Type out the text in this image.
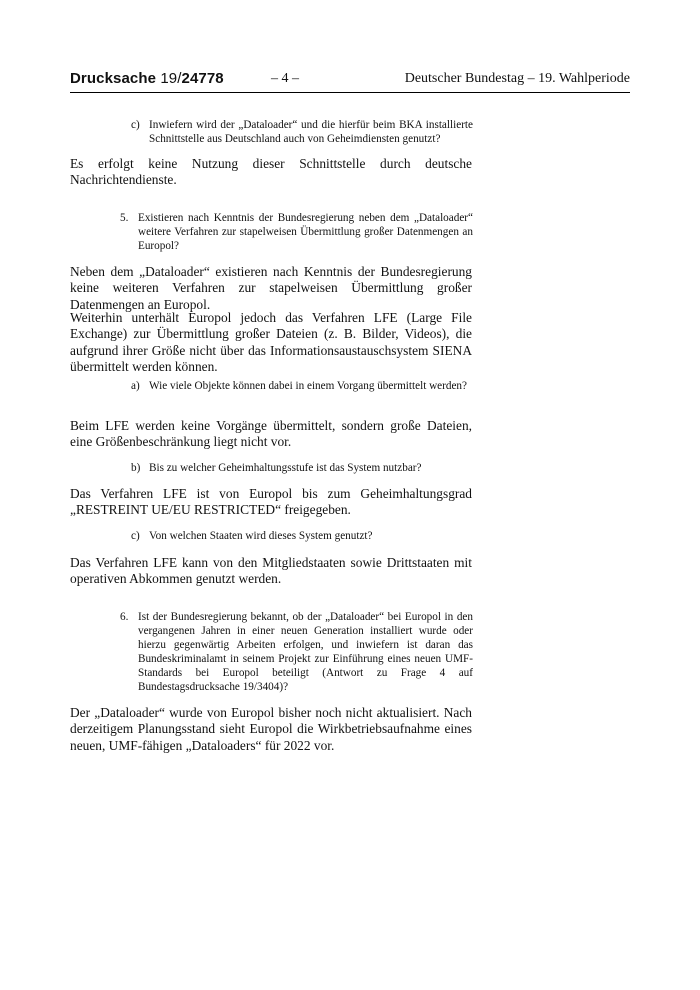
Drucksache 19/24778	– 4 –	Deutscher Bundestag – 19. Wahlperiode
c) Inwiefern wird der „Dataloader“ und die hierfür beim BKA installierte Schnittstelle aus Deutschland auch von Geheimdiensten genutzt?

Es erfolgt keine Nutzung dieser Schnittstelle durch deutsche Nachrichtendienste.

5. Existieren nach Kenntnis der Bundesregierung neben dem „Dataloader“ weitere Verfahren zur stapelweisen Übermittlung großer Datenmengen an Europol?

Neben dem „Dataloader“ existieren nach Kenntnis der Bundesregierung keine weiteren Verfahren zur stapelweisen Übermittlung großer Datenmengen an Europol.

Weiterhin unterhält Europol jedoch das Verfahren LFE (Large File Exchange) zur Übermittlung großer Dateien (z. B. Bilder, Videos), die aufgrund ihrer Größe nicht über das Informationsaustauschsystem SIENA übermittelt werden können.

a) Wie viele Objekte können dabei in einem Vorgang übermittelt werden?

Beim LFE werden keine Vorgänge übermittelt, sondern große Dateien, eine Größenbeschränkung liegt nicht vor.

b) Bis zu welcher Geheimhaltungsstufe ist das System nutzbar?

Das Verfahren LFE ist von Europol bis zum Geheimhaltungsgrad „RESTREINT UE/EU RESTRICTED“ freigegeben.

c) Von welchen Staaten wird dieses System genutzt?

Das Verfahren LFE kann von den Mitgliedstaaten sowie Drittstaaten mit operativen Abkommen genutzt werden.

6. Ist der Bundesregierung bekannt, ob der „Dataloader“ bei Europol in den vergangenen Jahren in einer neuen Generation installiert wurde oder hierzu gegenwärtig Arbeiten erfolgen, und inwiefern ist daran das Bundeskriminalamt in seinem Projekt zur Einführung eines neuen UMF-Standards bei Europol beteiligt (Antwort zu Frage 4 auf Bundestagsdrucksache 19/3404)?

Der „Dataloader“ wurde von Europol bisher noch nicht aktualisiert. Nach derzeitigem Planungsstand sieht Europol die Wirkbetriebsaufnahme eines neuen, UMF-fähigen „Dataloaders“ für 2022 vor.
